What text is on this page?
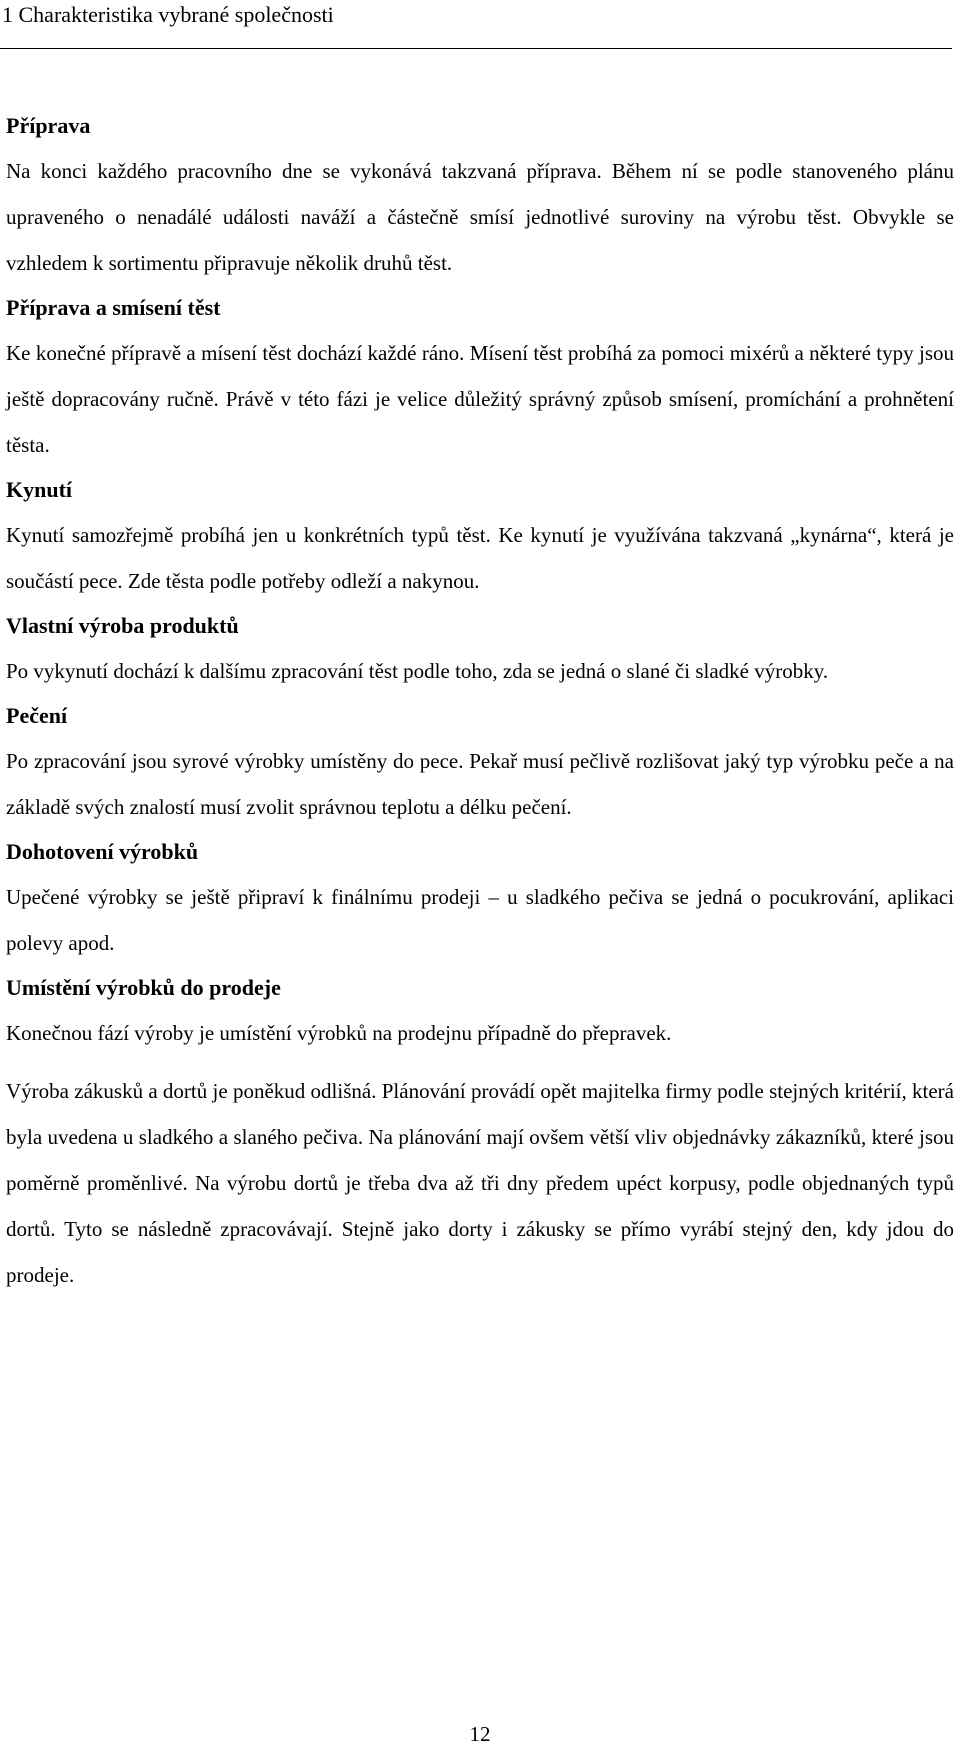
1 Charakteristika vybrané společnosti
Příprava

Na konci každého pracovního dne se vykonává takzvaná příprava. Během ní se podle stanoveného plánu upraveného o nenadálé události naváží a částečně smísí jednotlivé suroviny na výrobu těst. Obvykle se vzhledem k sortimentu připravuje několik druhů těst.

Příprava a smísení těst

Ke konečné přípravě a mísení těst dochází každé ráno. Mísení těst probíhá za pomoci mixérů a některé typy jsou ještě dopracovány ručně. Právě v této fázi je velice důležitý správný způsob smísení, promíchání a prohnětení těsta.

Kynutí

Kynutí samozřejmě probíhá jen u konkrétních typů těst. Ke kynutí je využívána takzvaná „kynárna“, která je součástí pece. Zde těsta podle potřeby odleží a nakynou.

Vlastní výroba produktů

Po vykynutí dochází k dalšímu zpracování těst podle toho, zda se jedná o slané či sladké výrobky.

Pečení

Po zpracování jsou syrové výrobky umístěny do pece. Pekař musí pečlivě rozlišovat jaký typ výrobku peče a na základě svých znalostí musí zvolit správnou teplotu a délku pečení.

Dohotovení výrobků

Upečené výrobky se ještě připraví k finálnímu prodeji – u sladkého pečiva se jedná o pocukrování, aplikaci polevy apod.

Umístění výrobků do prodeje

Konečnou fází výroby je umístění výrobků na prodejnu případně do přepravek.

Výroba zákusků a dortů je poněkud odlišná. Plánování provádí opět majitelka firmy podle stejných kritérií, která byla uvedena u sladkého a slaného pečiva. Na plánování mají ovšem větší vliv objednávky zákazníků, které jsou poměrně proměnlivé. Na výrobu dortů je třeba dva až tři dny předem upéct korpusy, podle objednaných typů dortů. Tyto se následně zpracovávají. Stejně jako dorty i zákusky se přímo vyrábí stejný den, kdy jdou do prodeje.

12
